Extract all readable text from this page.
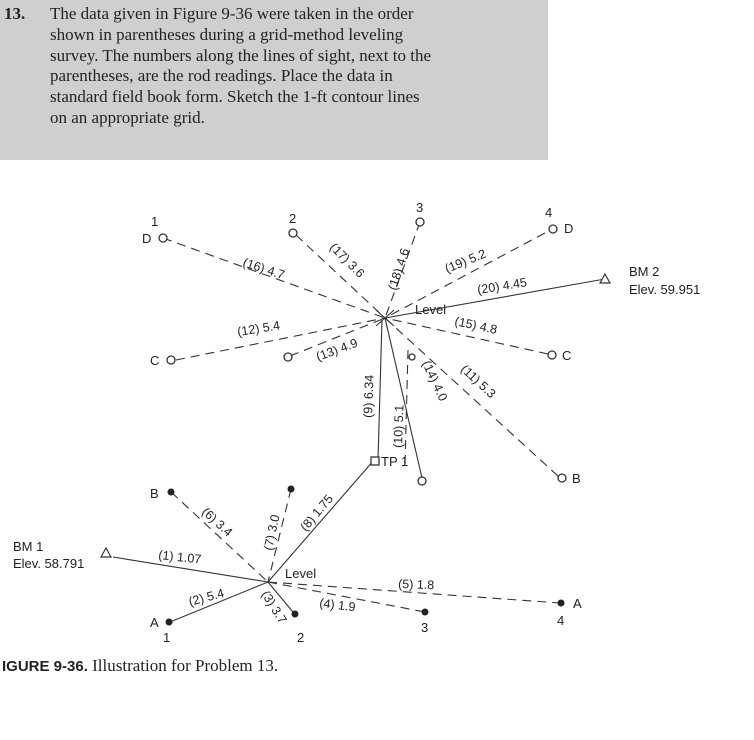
13. The data given in Figure 9-36 were taken in the order
shown in parentheses during a grid-method leveling
survey. The numbers along the lines of sight, next to the
parentheses, are the rod readings. Place the data in
standard field book form. Sketch the 1-ft contour lines
on an appropriate grid.
D
1
C
2
3
D
4
C
B
B
A
1	2
3
A
4
TP 1
BM 2
Elev. 59.951
BM 1
Elev. 58.791
Level
Level
(16) 4.7
(12) 5.4
(13) 4.9
(17) 3.6 (18) 4.6 (19) 5.2
(20) 4.45
(15) 4.8
(11) 5.3
(14) 4.0
(9) 6.34
(10) 5.1
(1) 1.07
(2) 5.4	(3) 3.7 (4) 1.9
(5) 1.8
(6) 3.4 (7) 3.0 (8) 1.75
IGURE 9-36. Illustration for Problem 13.
